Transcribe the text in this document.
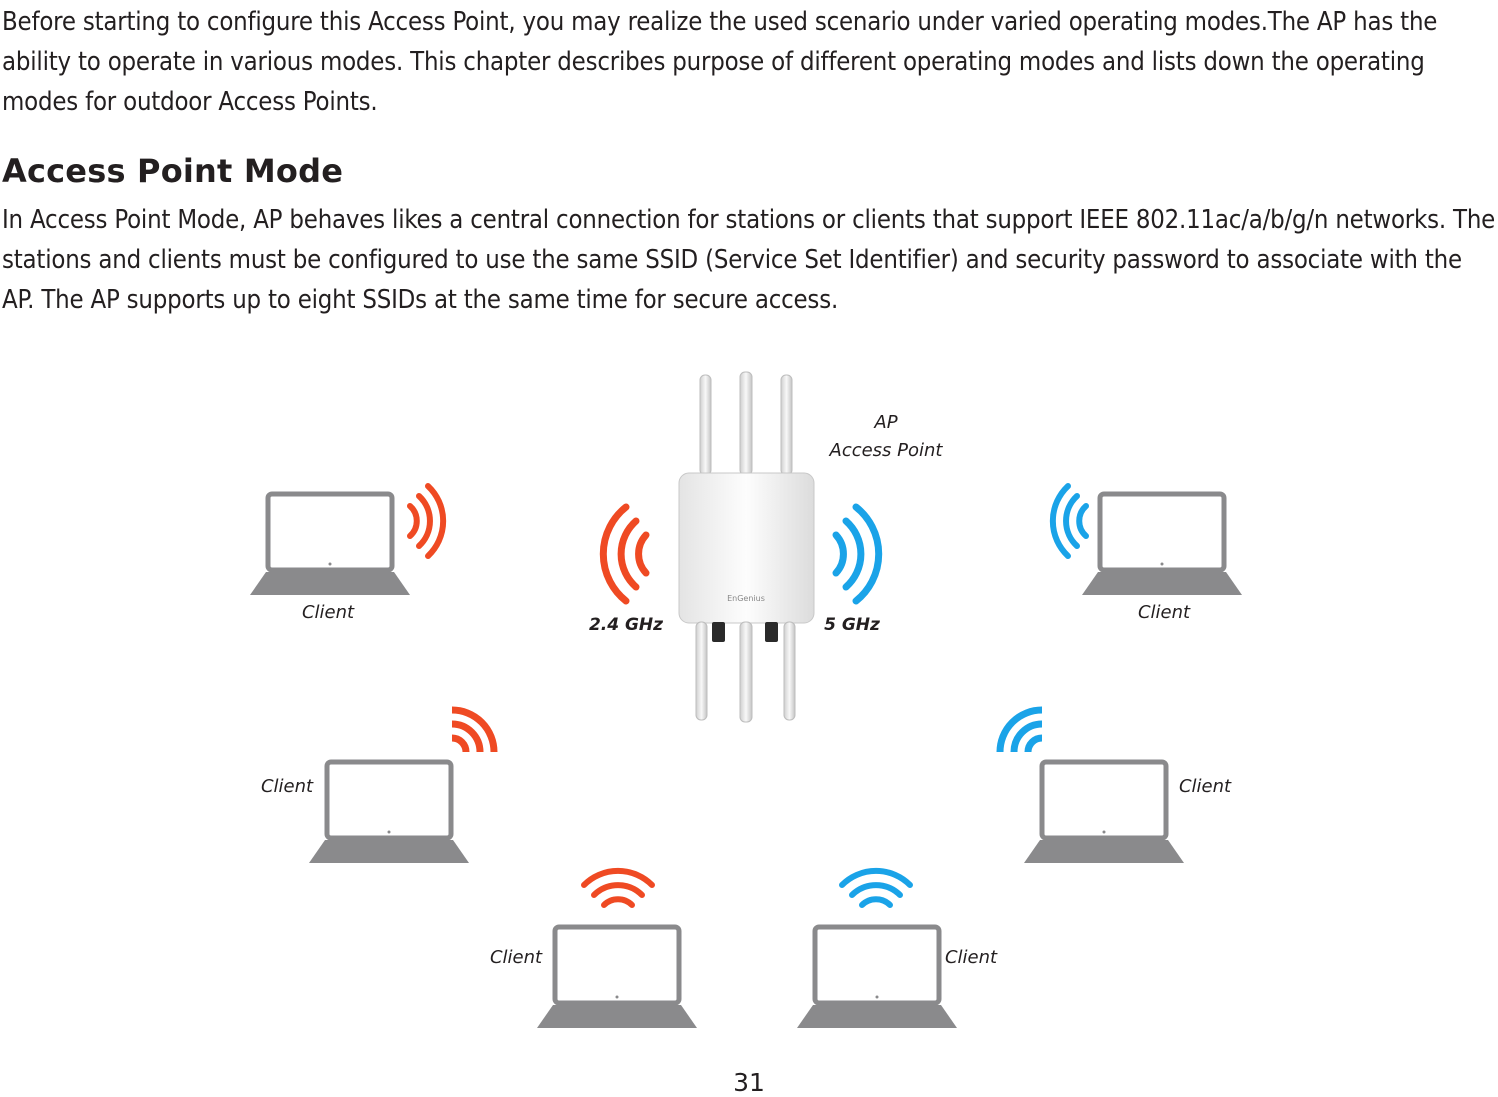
Before starting to configure this Access Point, you may realize the used scenario under varied operating modes.The AP has the ability to operate in various modes. This chapter describes purpose of different operating modes and lists down the operating modes for outdoor Access Points.

Access Point Mode

In Access Point Mode, AP behaves likes a central connection for stations or clients that support IEEE 802.11ac/a/b/g/n networks. The stations and clients must be configured to use the same SSID (Service Set Identifier) and security password to associate with the AP. The AP supports up to eight SSIDs at the same time for secure access.

EnGenius
AP
Access Point
2.4 GHz	5 GHz
Client	Client
Client	Client
Client	Client
31
